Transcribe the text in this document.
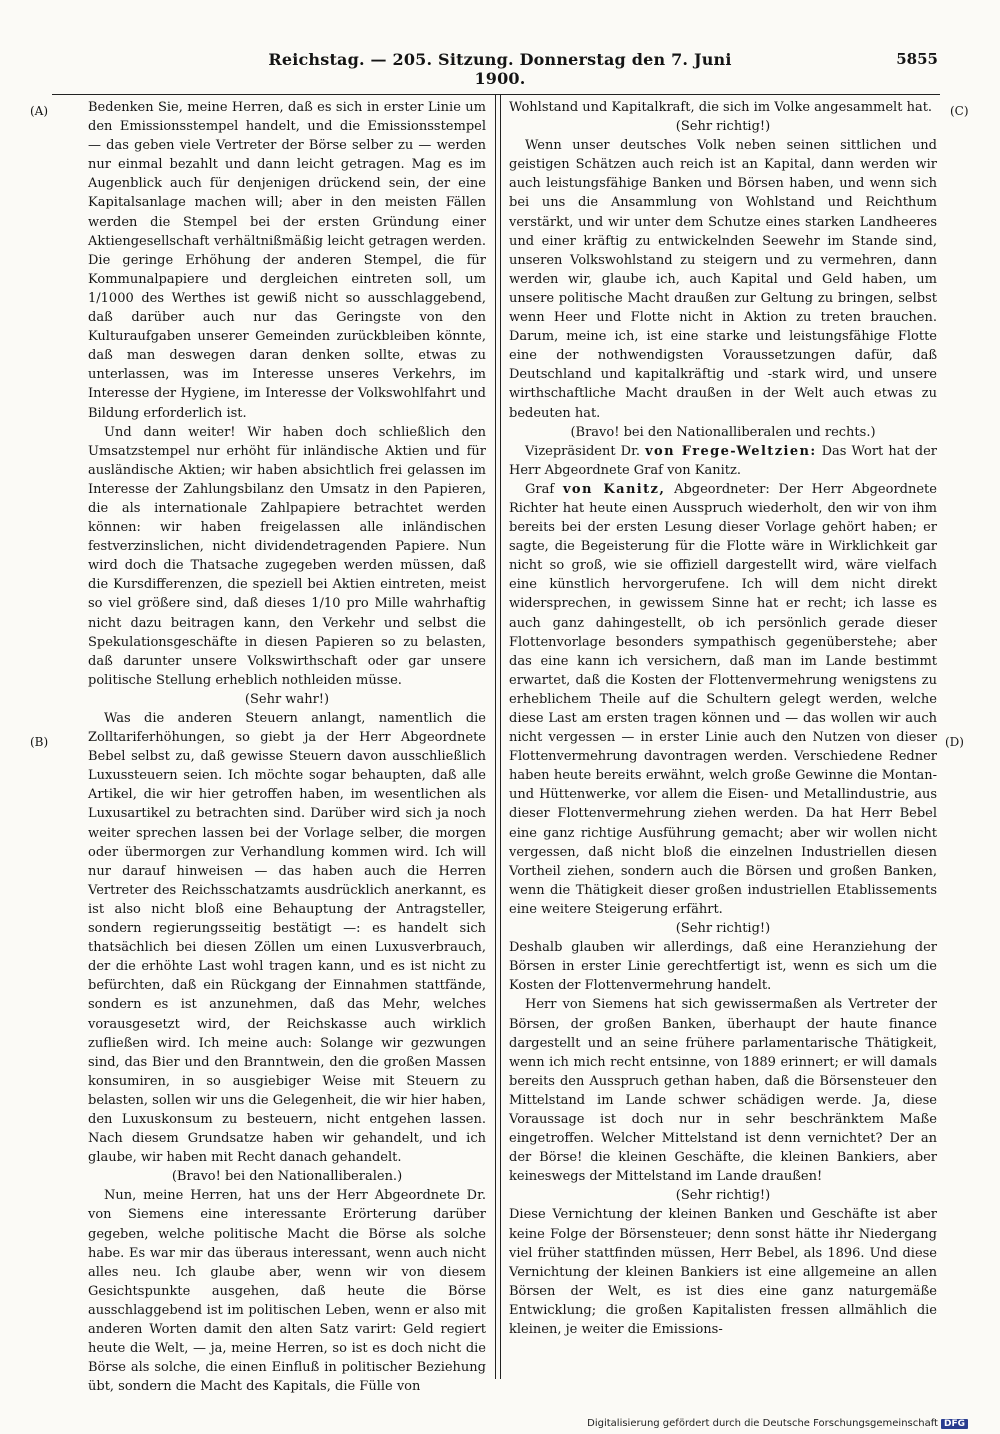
Reichstag. — 205. Sitzung. Donnerstag den 7. Juni 1900.
5855
(A)
(B)
(C)
(D)

Bedenken Sie, meine Herren, daß es sich in erster Linie um den Emissionsstempel handelt, und die Emissionsstempel — das geben viele Vertreter der Börse selber zu — werden nur einmal bezahlt und dann leicht getragen. Mag es im Augenblick auch für denjenigen drückend sein, der eine Kapitalsanlage machen will; aber in den meisten Fällen werden die Stempel bei der ersten Gründung einer Aktiengesellschaft verhältnißmäßig leicht getragen werden. Die geringe Erhöhung der anderen Stempel, die für Kommunalpapiere und dergleichen eintreten soll, um 1/1000 des Werthes ist gewiß nicht so ausschlaggebend, daß darüber auch nur das Geringste von den Kulturaufgaben unserer Gemeinden zurückbleiben könnte, daß man deswegen daran denken sollte, etwas zu unterlassen, was im Interesse unseres Verkehrs, im Interesse der Hygiene, im Interesse der Volkswohlfahrt und Bildung erforderlich ist.

Und dann weiter! Wir haben doch schließlich den Umsatzstempel nur erhöht für inländische Aktien und für ausländische Aktien; wir haben absichtlich frei gelassen im Interesse der Zahlungsbilanz den Umsatz in den Papieren, die als internationale Zahlpapiere betrachtet werden können: wir haben freigelassen alle inländischen festverzinslichen, nicht dividendetragenden Papiere. Nun wird doch die Thatsache zugegeben werden müssen, daß die Kursdifferenzen, die speziell bei Aktien eintreten, meist so viel größere sind, daß dieses 1/10 pro Mille wahrhaftig nicht dazu beitragen kann, den Verkehr und selbst die Spekulationsgeschäfte in diesen Papieren so zu belasten, daß darunter unsere Volkswirthschaft oder gar unsere politische Stellung erheblich nothleiden müsse.

(Sehr wahr!)

Was die anderen Steuern anlangt, namentlich die Zolltariferhöhungen, so giebt ja der Herr Abgeordnete Bebel selbst zu, daß gewisse Steuern davon ausschließlich Luxussteuern seien. Ich möchte sogar behaupten, daß alle Artikel, die wir hier getroffen haben, im wesentlichen als Luxusartikel zu betrachten sind. Darüber wird sich ja noch weiter sprechen lassen bei der Vorlage selber, die morgen oder übermorgen zur Verhandlung kommen wird. Ich will nur darauf hinweisen — das haben auch die Herren Vertreter des Reichsschatzamts ausdrücklich anerkannt, es ist also nicht bloß eine Behauptung der Antragsteller, sondern regierungsseitig bestätigt —: es handelt sich thatsächlich bei diesen Zöllen um einen Luxusverbrauch, der die erhöhte Last wohl tragen kann, und es ist nicht zu befürchten, daß ein Rückgang der Einnahmen stattfände, sondern es ist anzunehmen, daß das Mehr, welches vorausgesetzt wird, der Reichskasse auch wirklich zufließen wird. Ich meine auch: Solange wir gezwungen sind, das Bier und den Branntwein, den die großen Massen konsumiren, in so ausgiebiger Weise mit Steuern zu belasten, sollen wir uns die Gelegenheit, die wir hier haben, den Luxuskonsum zu besteuern, nicht entgehen lassen. Nach diesem Grundsatze haben wir gehandelt, und ich glaube, wir haben mit Recht danach gehandelt.

(Bravo! bei den Nationalliberalen.)

Nun, meine Herren, hat uns der Herr Abgeordnete Dr. von Siemens eine interessante Erörterung darüber gegeben, welche politische Macht die Börse als solche habe. Es war mir das überaus interessant, wenn auch nicht alles neu. Ich glaube aber, wenn wir von diesem Gesichtspunkte ausgehen, daß heute die Börse ausschlaggebend ist im politischen Leben, wenn er also mit anderen Worten damit den alten Satz varirt: Geld regiert heute die Welt, — ja, meine Herren, so ist es doch nicht die Börse als solche, die einen Einfluß in politischer Beziehung übt, sondern die Macht des Kapitals, die Fülle von

Wohlstand und Kapitalkraft, die sich im Volke angesammelt hat.

(Sehr richtig!)

Wenn unser deutsches Volk neben seinen sittlichen und geistigen Schätzen auch reich ist an Kapital, dann werden wir auch leistungsfähige Banken und Börsen haben, und wenn sich bei uns die Ansammlung von Wohlstand und Reichthum verstärkt, und wir unter dem Schutze eines starken Landheeres und einer kräftig zu entwickelnden Seewehr im Stande sind, unseren Volkswohlstand zu steigern und zu vermehren, dann werden wir, glaube ich, auch Kapital und Geld haben, um unsere politische Macht draußen zur Geltung zu bringen, selbst wenn Heer und Flotte nicht in Aktion zu treten brauchen. Darum, meine ich, ist eine starke und leistungsfähige Flotte eine der nothwendigsten Voraussetzungen dafür, daß Deutschland und kapitalkräftig und -stark wird, und unsere wirthschaftliche Macht draußen in der Welt auch etwas zu bedeuten hat.

(Bravo! bei den Nationalliberalen und rechts.)

Vizepräsident Dr. von Frege-Weltzien: Das Wort hat der Herr Abgeordnete Graf von Kanitz.

Graf von Kanitz, Abgeordneter: Der Herr Abgeordnete Richter hat heute einen Ausspruch wiederholt, den wir von ihm bereits bei der ersten Lesung dieser Vorlage gehört haben; er sagte, die Begeisterung für die Flotte wäre in Wirklichkeit gar nicht so groß, wie sie offiziell dargestellt wird, wäre vielfach eine künstlich hervorgerufene. Ich will dem nicht direkt widersprechen, in gewissem Sinne hat er recht; ich lasse es auch ganz dahingestellt, ob ich persönlich gerade dieser Flottenvorlage besonders sympathisch gegenüberstehe; aber das eine kann ich versichern, daß man im Lande bestimmt erwartet, daß die Kosten der Flottenvermehrung wenigstens zu erheblichem Theile auf die Schultern gelegt werden, welche diese Last am ersten tragen können und — das wollen wir auch nicht vergessen — in erster Linie auch den Nutzen von dieser Flottenvermehrung davontragen werden. Verschiedene Redner haben heute bereits erwähnt, welch große Gewinne die Montan- und Hüttenwerke, vor allem die Eisen- und Metallindustrie, aus dieser Flottenvermehrung ziehen werden. Da hat Herr Bebel eine ganz richtige Ausführung gemacht; aber wir wollen nicht vergessen, daß nicht bloß die einzelnen Industriellen diesen Vortheil ziehen, sondern auch die Börsen und großen Banken, wenn die Thätigkeit dieser großen industriellen Etablissements eine weitere Steigerung erfährt.

(Sehr richtig!)

Deshalb glauben wir allerdings, daß eine Heranziehung der Börsen in erster Linie gerechtfertigt ist, wenn es sich um die Kosten der Flottenvermehrung handelt.

Herr von Siemens hat sich gewissermaßen als Vertreter der Börsen, der großen Banken, überhaupt der haute finance dargestellt und an seine frühere parlamentarische Thätigkeit, wenn ich mich recht entsinne, von 1889 erinnert; er will damals bereits den Ausspruch gethan haben, daß die Börsensteuer den Mittelstand im Lande schwer schädigen werde. Ja, diese Voraussage ist doch nur in sehr beschränktem Maße eingetroffen. Welcher Mittelstand ist denn vernichtet? Der an der Börse! die kleinen Geschäfte, die kleinen Bankiers, aber keineswegs der Mittelstand im Lande draußen!

(Sehr richtig!)

Diese Vernichtung der kleinen Banken und Geschäfte ist aber keine Folge der Börsensteuer; denn sonst hätte ihr Niedergang viel früher stattfinden müssen, Herr Bebel, als 1896. Und diese Vernichtung der kleinen Bankiers ist eine allgemeine an allen Börsen der Welt, es ist dies eine ganz naturgemäße Entwicklung; die großen Kapitalisten fressen allmählich die kleinen, je weiter die Emissions-

Digitalisierung gefördert durch die Deutsche Forschungsgemeinschaft DFG
